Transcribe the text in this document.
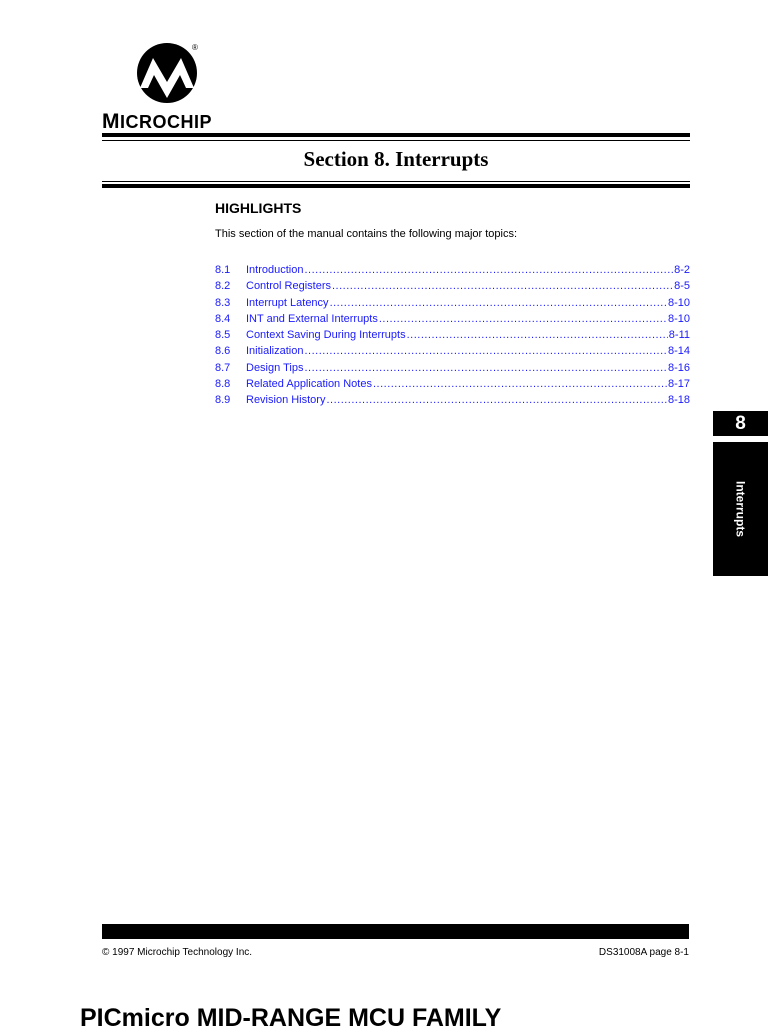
®
MICROCHIP
Section 8. Interrupts
HIGHLIGHTS
This section of the manual contains the following major topics:
8.1	Introduction .....	8-2
8.2	Control Registers .....	8-5
8.3	Interrupt Latency .....	8-10
8.4	INT and External Interrupts .....	8-10
8.5	Context Saving During Interrupts .....	8-11
8.6	Initialization .....	8-14
8.7	Design Tips .....	8-16
8.8	Related Application Notes .....	8-17
8.9	Revision History .....	8-18
8
Interrupts
© 1997 Microchip Technology Inc.	DS31008A page 8-1
PICmicro MID-RANGE MCU FAMILY
